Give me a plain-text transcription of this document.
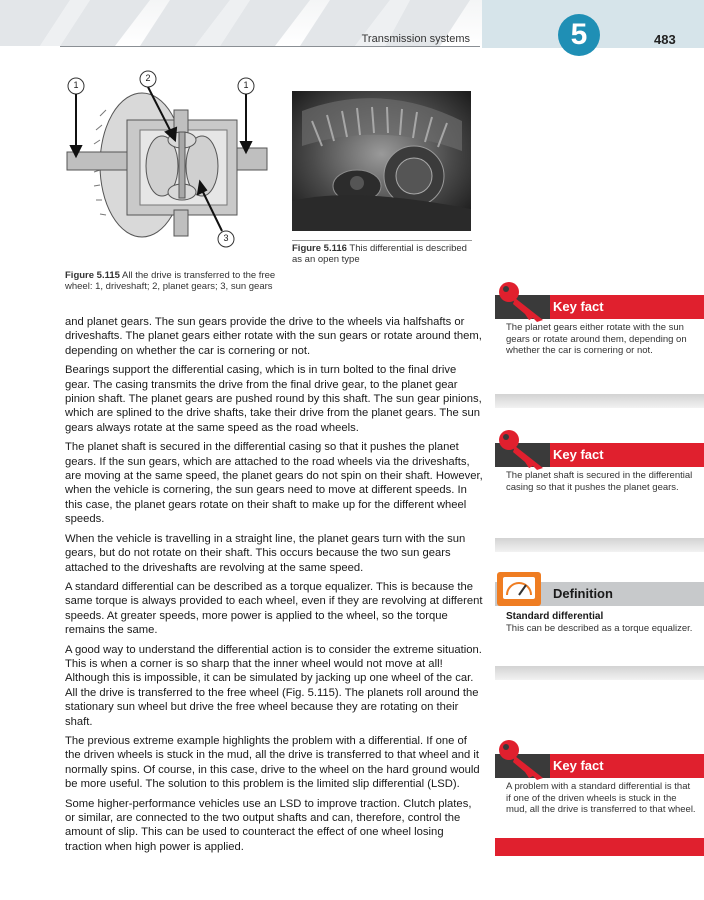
Transmission systems	5	483
1
2
1
3
Figure 5.115 All the drive is transferred to the free wheel: 1, driveshaft; 2, planet gears; 3, sun gears
Figure 5.116 This differential is described as an open type

and planet gears. The sun gears provide the drive to the wheels via halfshafts or driveshafts. The planet gears either rotate with the sun gears or rotate around them, depending on whether the car is cornering or not.

Bearings support the differential casing, which is in turn bolted to the final drive gear. The casing transmits the drive from the final drive gear, to the planet gear pinion shaft. The planet gears are pushed round by this shaft. The sun gear pinions, which are splined to the drive shafts, take their drive from the planet gears. The sun gears always rotate at the same speed as the road wheels.

The planet shaft is secured in the differential casing so that it pushes the planet gears. If the sun gears, which are attached to the road wheels via the driveshafts, are moving at the same speed, the planet gears do not spin on their shaft. However, when the vehicle is cornering, the sun gears need to move at different speeds. In this case, the planet gears rotate on their shaft to make up for the different wheel speeds.

When the vehicle is travelling in a straight line, the planet gears turn with the sun gears, but do not rotate on their shaft. This occurs because the two sun gears attached to the driveshafts are revolving at the same speed.

A standard differential can be described as a torque equalizer. This is because the same torque is always provided to each wheel, even if they are revolving at different speeds. At greater speeds, more power is applied to the wheel, so the torque remains the same.

A good way to understand the differential action is to consider the extreme situation. This is when a corner is so sharp that the inner wheel would not move at all! Although this is impossible, it can be simulated by jacking up one wheel of the car. All the drive is transferred to the free wheel (Fig. 5.115). The planets roll around the stationary sun wheel but drive the free wheel because they are rotating on their shaft.

The previous extreme example highlights the problem with a differential. If one of the driven wheels is stuck in the mud, all the drive is transferred to that wheel and it normally spins. Of course, in this case, drive to the wheel on the hard ground would be more useful. The solution to this problem is the limited slip differential (LSD).

Some higher-performance vehicles use an LSD to improve traction. Clutch plates, or similar, are connected to the two output shafts and can, therefore, control the amount of slip. This can be used to counteract the effect of one wheel losing traction when high power is applied.

Key fact
The planet gears either rotate with the sun gears or rotate around them, depending on whether the car is cornering or not.
Key fact
The planet shaft is secured in the differential casing so that it pushes the planet gears.
Definition
Standard differential
This can be described as a torque equalizer.
Key fact
A problem with a standard differential is that if one of the driven wheels is stuck in the mud, all the drive is transferred to that wheel.
